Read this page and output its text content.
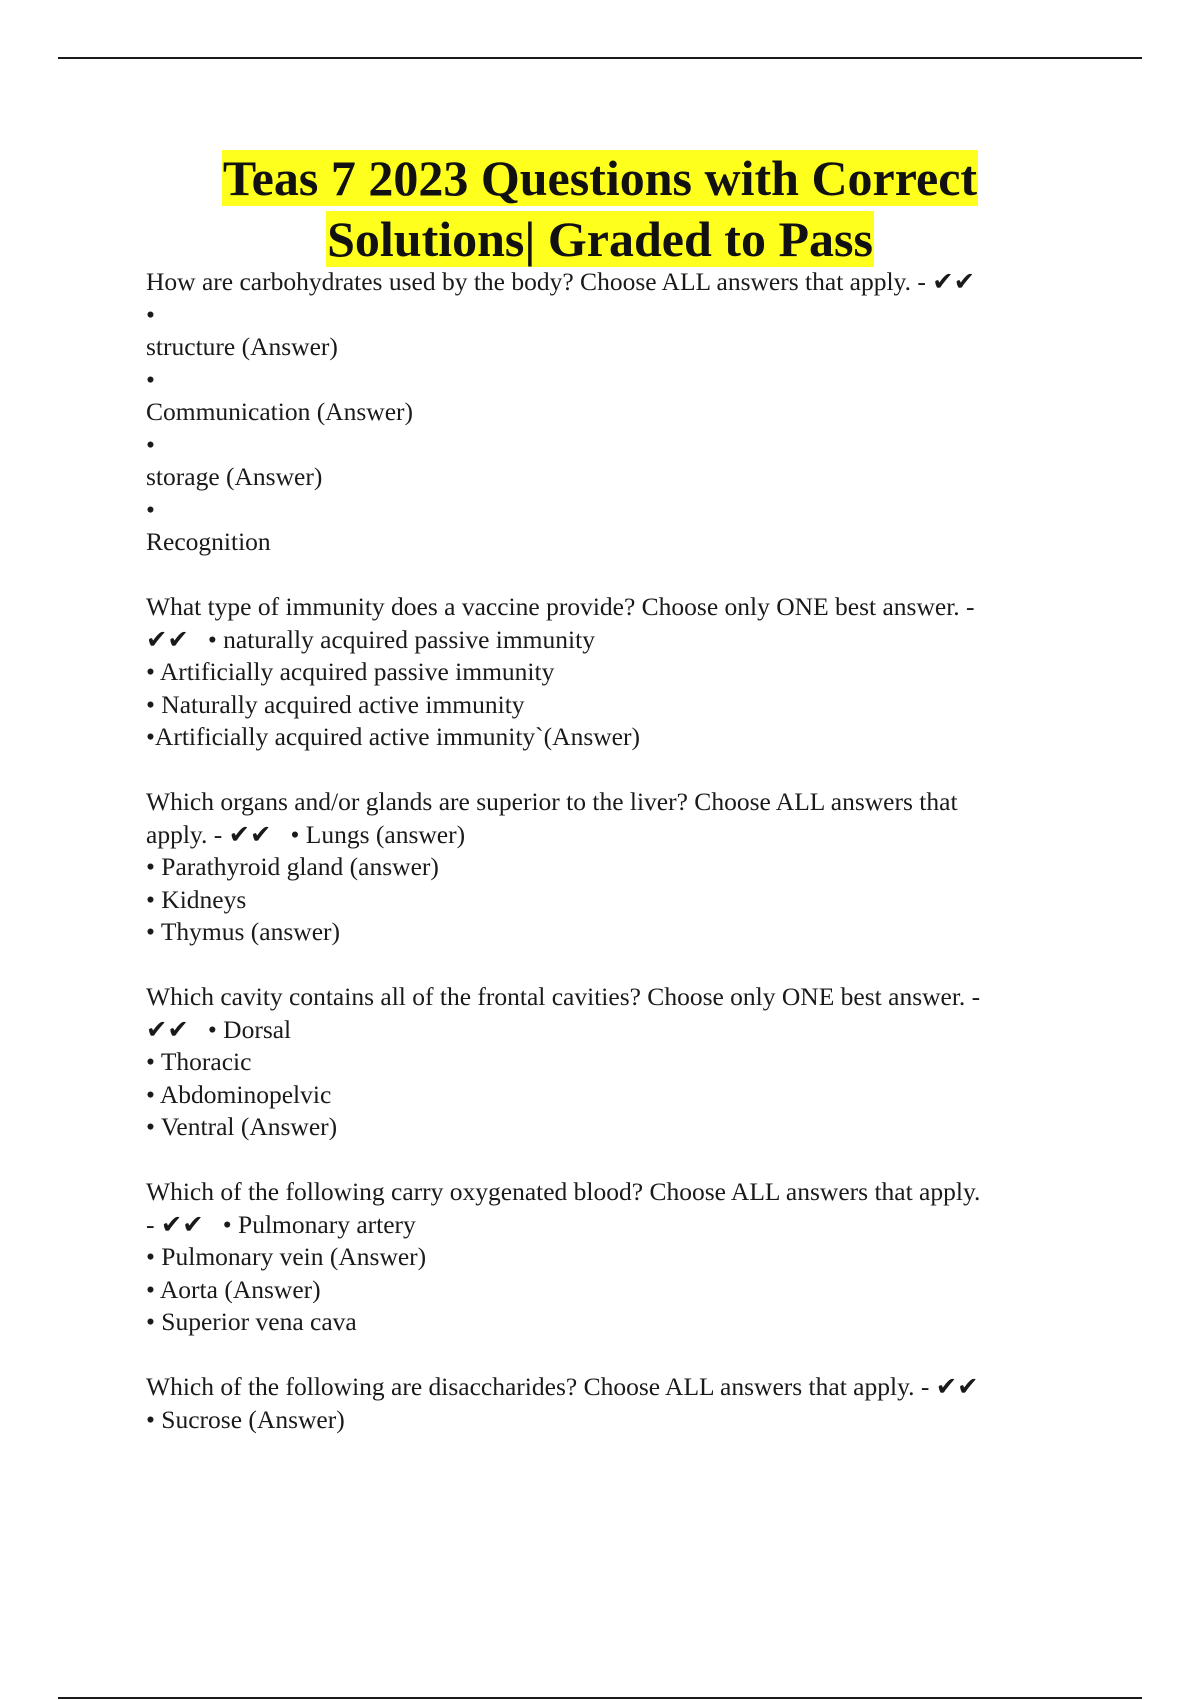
Teas 7 2023 Questions with Correct
Solutions| Graded to Pass
How are carbohydrates used by the body? Choose ALL answers that apply. - ✔✔
•
structure (Answer)
•
Communication (Answer)
•
storage (Answer)
•
Recognition
What type of immunity does a vaccine provide? Choose only ONE best answer. -
✔✔   • naturally acquired passive immunity
• Artificially acquired passive immunity
• Naturally acquired active immunity
•Artificially acquired active immunity`(Answer)
Which organs and/or glands are superior to the liver? Choose ALL answers that
apply. - ✔✔   • Lungs (answer)
• Parathyroid gland (answer)
• Kidneys
• Thymus (answer)
Which cavity contains all of the frontal cavities? Choose only ONE best answer. -
✔✔   • Dorsal
• Thoracic
• Abdominopelvic
• Ventral (Answer)
Which of the following carry oxygenated blood? Choose ALL answers that apply.
- ✔✔   • Pulmonary artery
• Pulmonary vein (Answer)
• Aorta (Answer)
• Superior vena cava
Which of the following are disaccharides? Choose ALL answers that apply. - ✔✔
• Sucrose (Answer)
